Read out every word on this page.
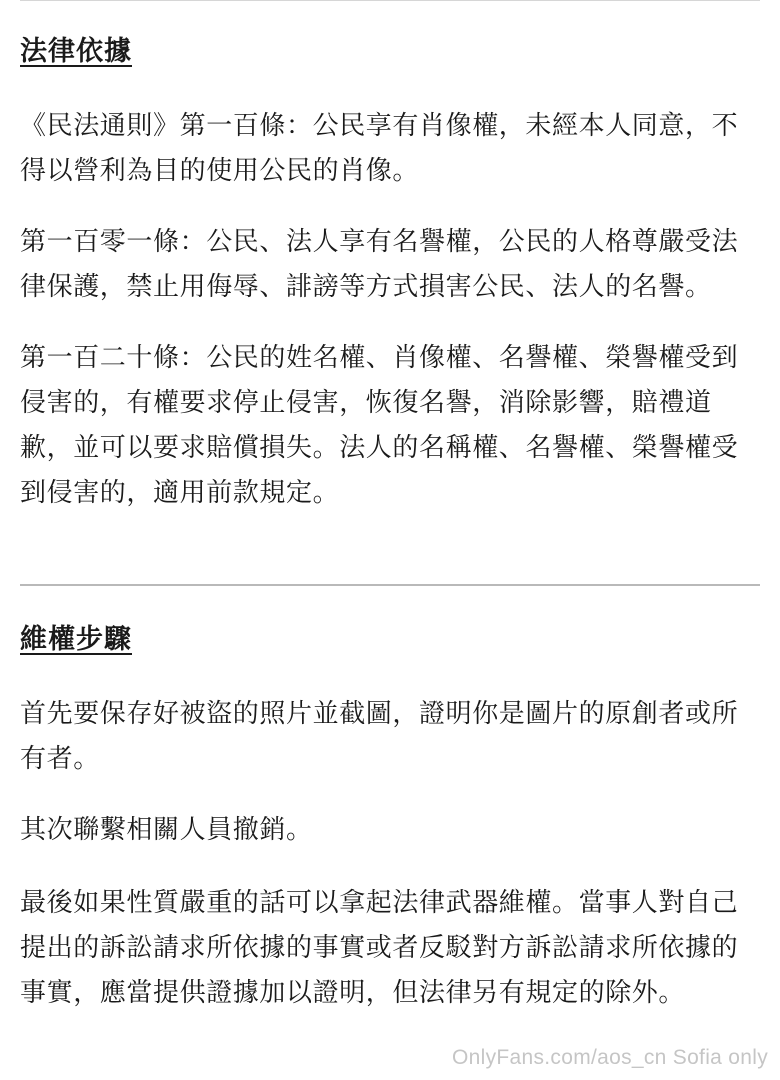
法律依據

《民法通則》第一百條：公民享有肖像權，未經本人同意，不得以營利為目的使用公民的肖像。

第一百零一條：公民、法人享有名譽權，公民的人格尊嚴受法律保護，禁止用侮辱、誹謗等方式損害公民、法人的名譽。

第一百二十條：公民的姓名權、肖像權、名譽權、榮譽權受到侵害的，有權要求停止侵害，恢復名譽，消除影響，賠禮道歉，並可以要求賠償損失。法人的名稱權、名譽權、榮譽權受到侵害的，適用前款規定。

維權步驟

首先要保存好被盜的照片並截圖，證明你是圖片的原創者或所有者。

其次聯繫相關人員撤銷。

最後如果性質嚴重的話可以拿起法律武器維權。當事人對自己提出的訴訟請求所依據的事實或者反駁對方訴訟請求所依據的事實，應當提供證據加以證明，但法律另有規定的除外。

OnlyFans.com/aos_cn Sofia only
